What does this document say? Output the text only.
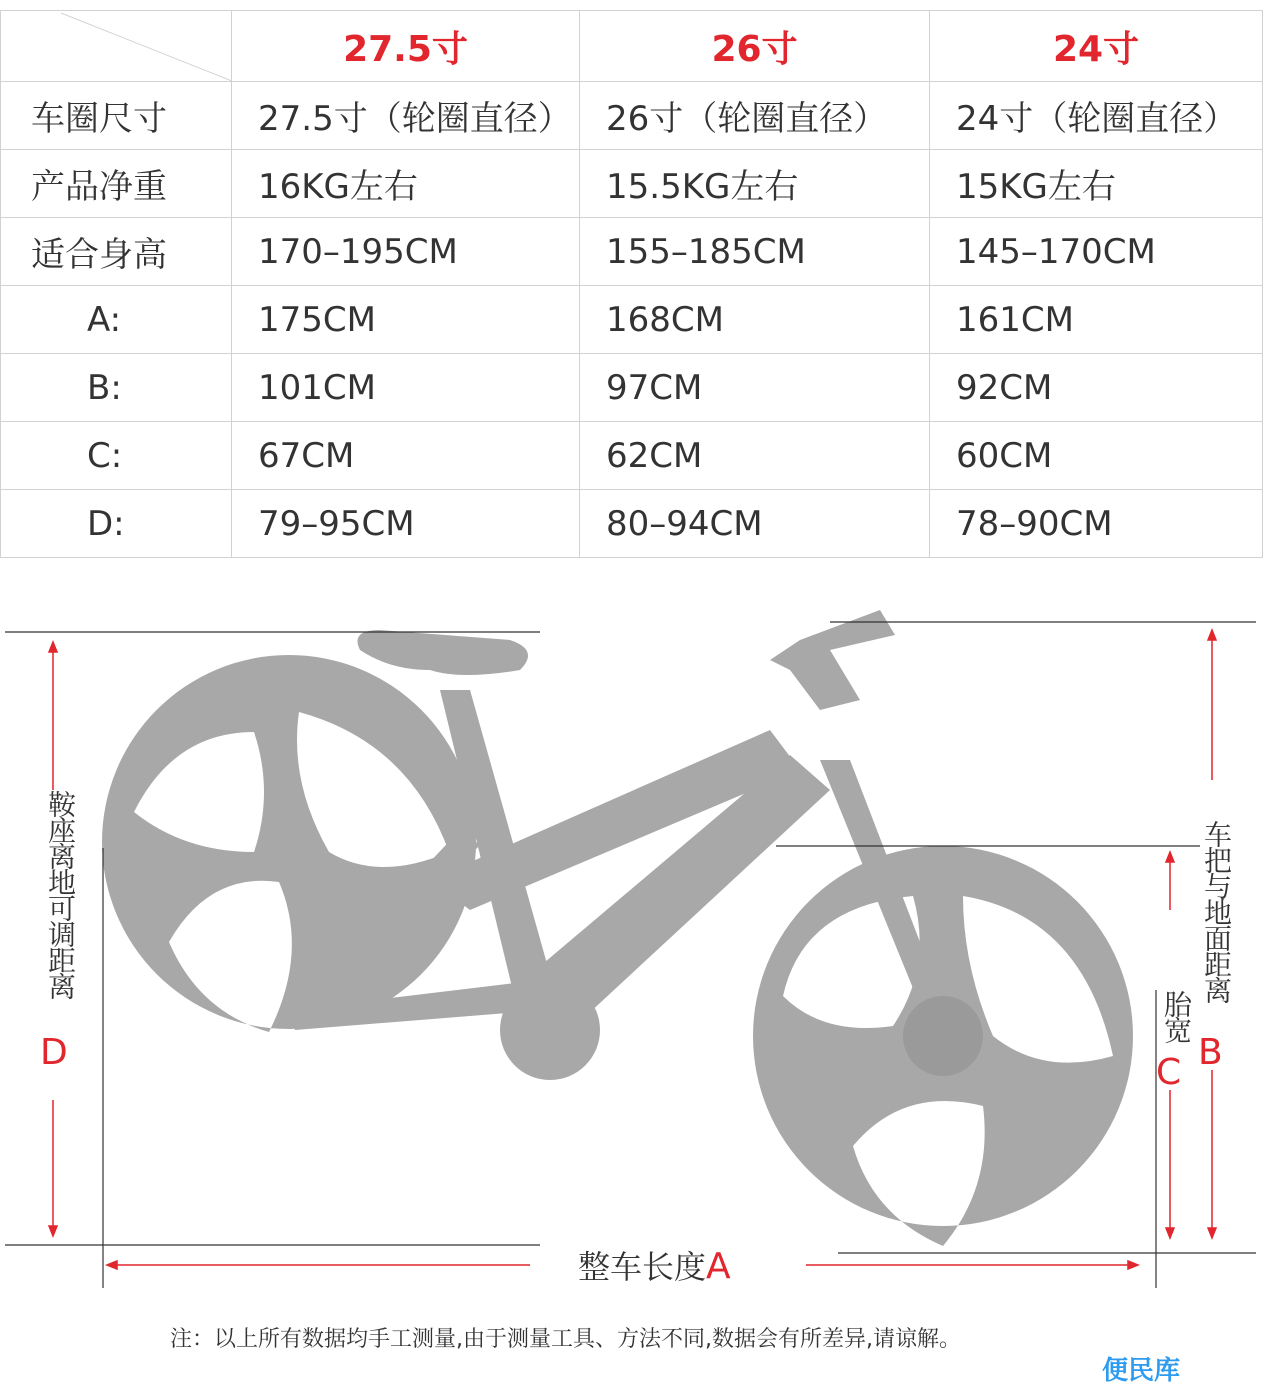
	27.5寸	26寸	24寸
车圈尺寸	27.5寸（轮圈直径）	26寸（轮圈直径）	24寸（轮圈直径）
产品净重	16KG左右	15.5KG左右	15KG左右
适合身高	170–195CM	155–185CM	145–170CM
A:	175CM	168CM	161CM
B:	101CM	97CM	92CM
C:	67CM	62CM	60CM
D:	79–95CM	80–94CM	78–90CM
鞍座离地可调距离
D
车把与地面距离
B
胎宽
C
整车长度A
注：以上所有数据均手工测量,由于测量工具、方法不同,数据会有所差异,请谅解。
便民库
